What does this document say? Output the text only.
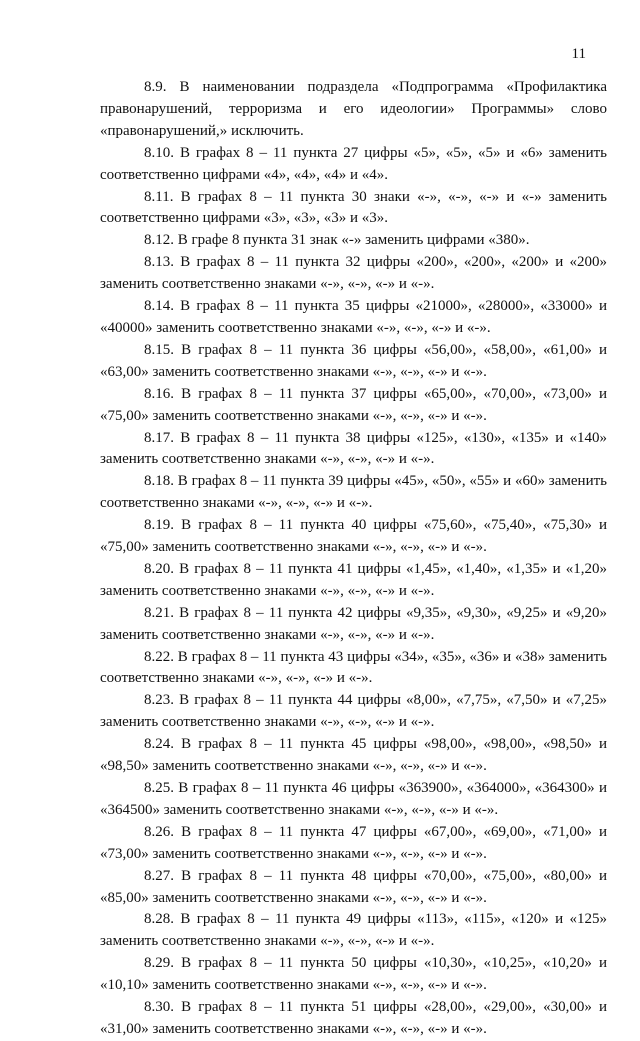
11

8.9. В наименовании подраздела «Подпрограмма «Профилактика правонарушений, терроризма и его идеологии» Программы» слово «правонарушений,» исключить.

8.10. В графах 8 – 11 пункта 27 цифры «5», «5», «5» и «6» заменить соответственно цифрами «4», «4», «4» и «4».

8.11. В графах 8 – 11 пункта 30 знаки «-», «-», «-» и «-» заменить соответственно цифрами «3», «3», «3» и «3».

8.12. В графе 8 пункта 31 знак «-» заменить цифрами «380».

8.13. В графах 8 – 11 пункта 32 цифры «200», «200», «200» и «200» заменить соответственно знаками «-», «-», «-» и «-».

8.14. В графах 8 – 11 пункта 35 цифры «21000», «28000», «33000» и «40000» заменить соответственно знаками «-», «-», «-» и «-».

8.15. В графах 8 – 11 пункта 36 цифры «56,00», «58,00», «61,00» и «63,00» заменить соответственно знаками «-», «-», «-» и «-».

8.16. В графах 8 – 11 пункта 37 цифры «65,00», «70,00», «73,00» и «75,00» заменить соответственно знаками «-», «-», «-» и «-».

8.17. В графах 8 – 11 пункта 38 цифры «125», «130», «135» и «140» заменить соответственно знаками «-», «-», «-» и «-».

8.18. В графах 8 – 11 пункта 39 цифры «45», «50», «55» и «60» заменить соответственно знаками «-», «-», «-» и «-».

8.19. В графах 8 – 11 пункта 40 цифры «75,60», «75,40», «75,30» и «75,00» заменить соответственно знаками «-», «-», «-» и «-».

8.20. В графах 8 – 11 пункта 41 цифры «1,45», «1,40», «1,35» и «1,20» заменить соответственно знаками «-», «-», «-» и «-».

8.21. В графах 8 – 11 пункта 42 цифры «9,35», «9,30», «9,25» и «9,20» заменить соответственно знаками «-», «-», «-» и «-».

8.22. В графах 8 – 11 пункта 43 цифры «34», «35», «36» и «38» заменить соответственно знаками «-», «-», «-» и «-».

8.23. В графах 8 – 11 пункта 44 цифры «8,00», «7,75», «7,50» и «7,25» заменить соответственно знаками «-», «-», «-» и «-».

8.24. В графах 8 – 11 пункта 45 цифры «98,00», «98,00», «98,50» и «98,50» заменить соответственно знаками «-», «-», «-» и «-».

8.25. В графах 8 – 11 пункта 46 цифры «363900», «364000», «364300» и «364500» заменить соответственно знаками «-», «-», «-» и «-».

8.26. В графах 8 – 11 пункта 47 цифры «67,00», «69,00», «71,00» и «73,00» заменить соответственно знаками «-», «-», «-» и «-».

8.27. В графах 8 – 11 пункта 48 цифры «70,00», «75,00», «80,00» и «85,00» заменить соответственно знаками «-», «-», «-» и «-».

8.28. В графах 8 – 11 пункта 49 цифры «113», «115», «120» и «125» заменить соответственно знаками «-», «-», «-» и «-».

8.29. В графах 8 – 11 пункта 50 цифры «10,30», «10,25», «10,20» и «10,10» заменить соответственно знаками «-», «-», «-» и «-».

8.30. В графах 8 – 11 пункта 51 цифры «28,00», «29,00», «30,00» и «31,00» заменить соответственно знаками «-», «-», «-» и «-».
